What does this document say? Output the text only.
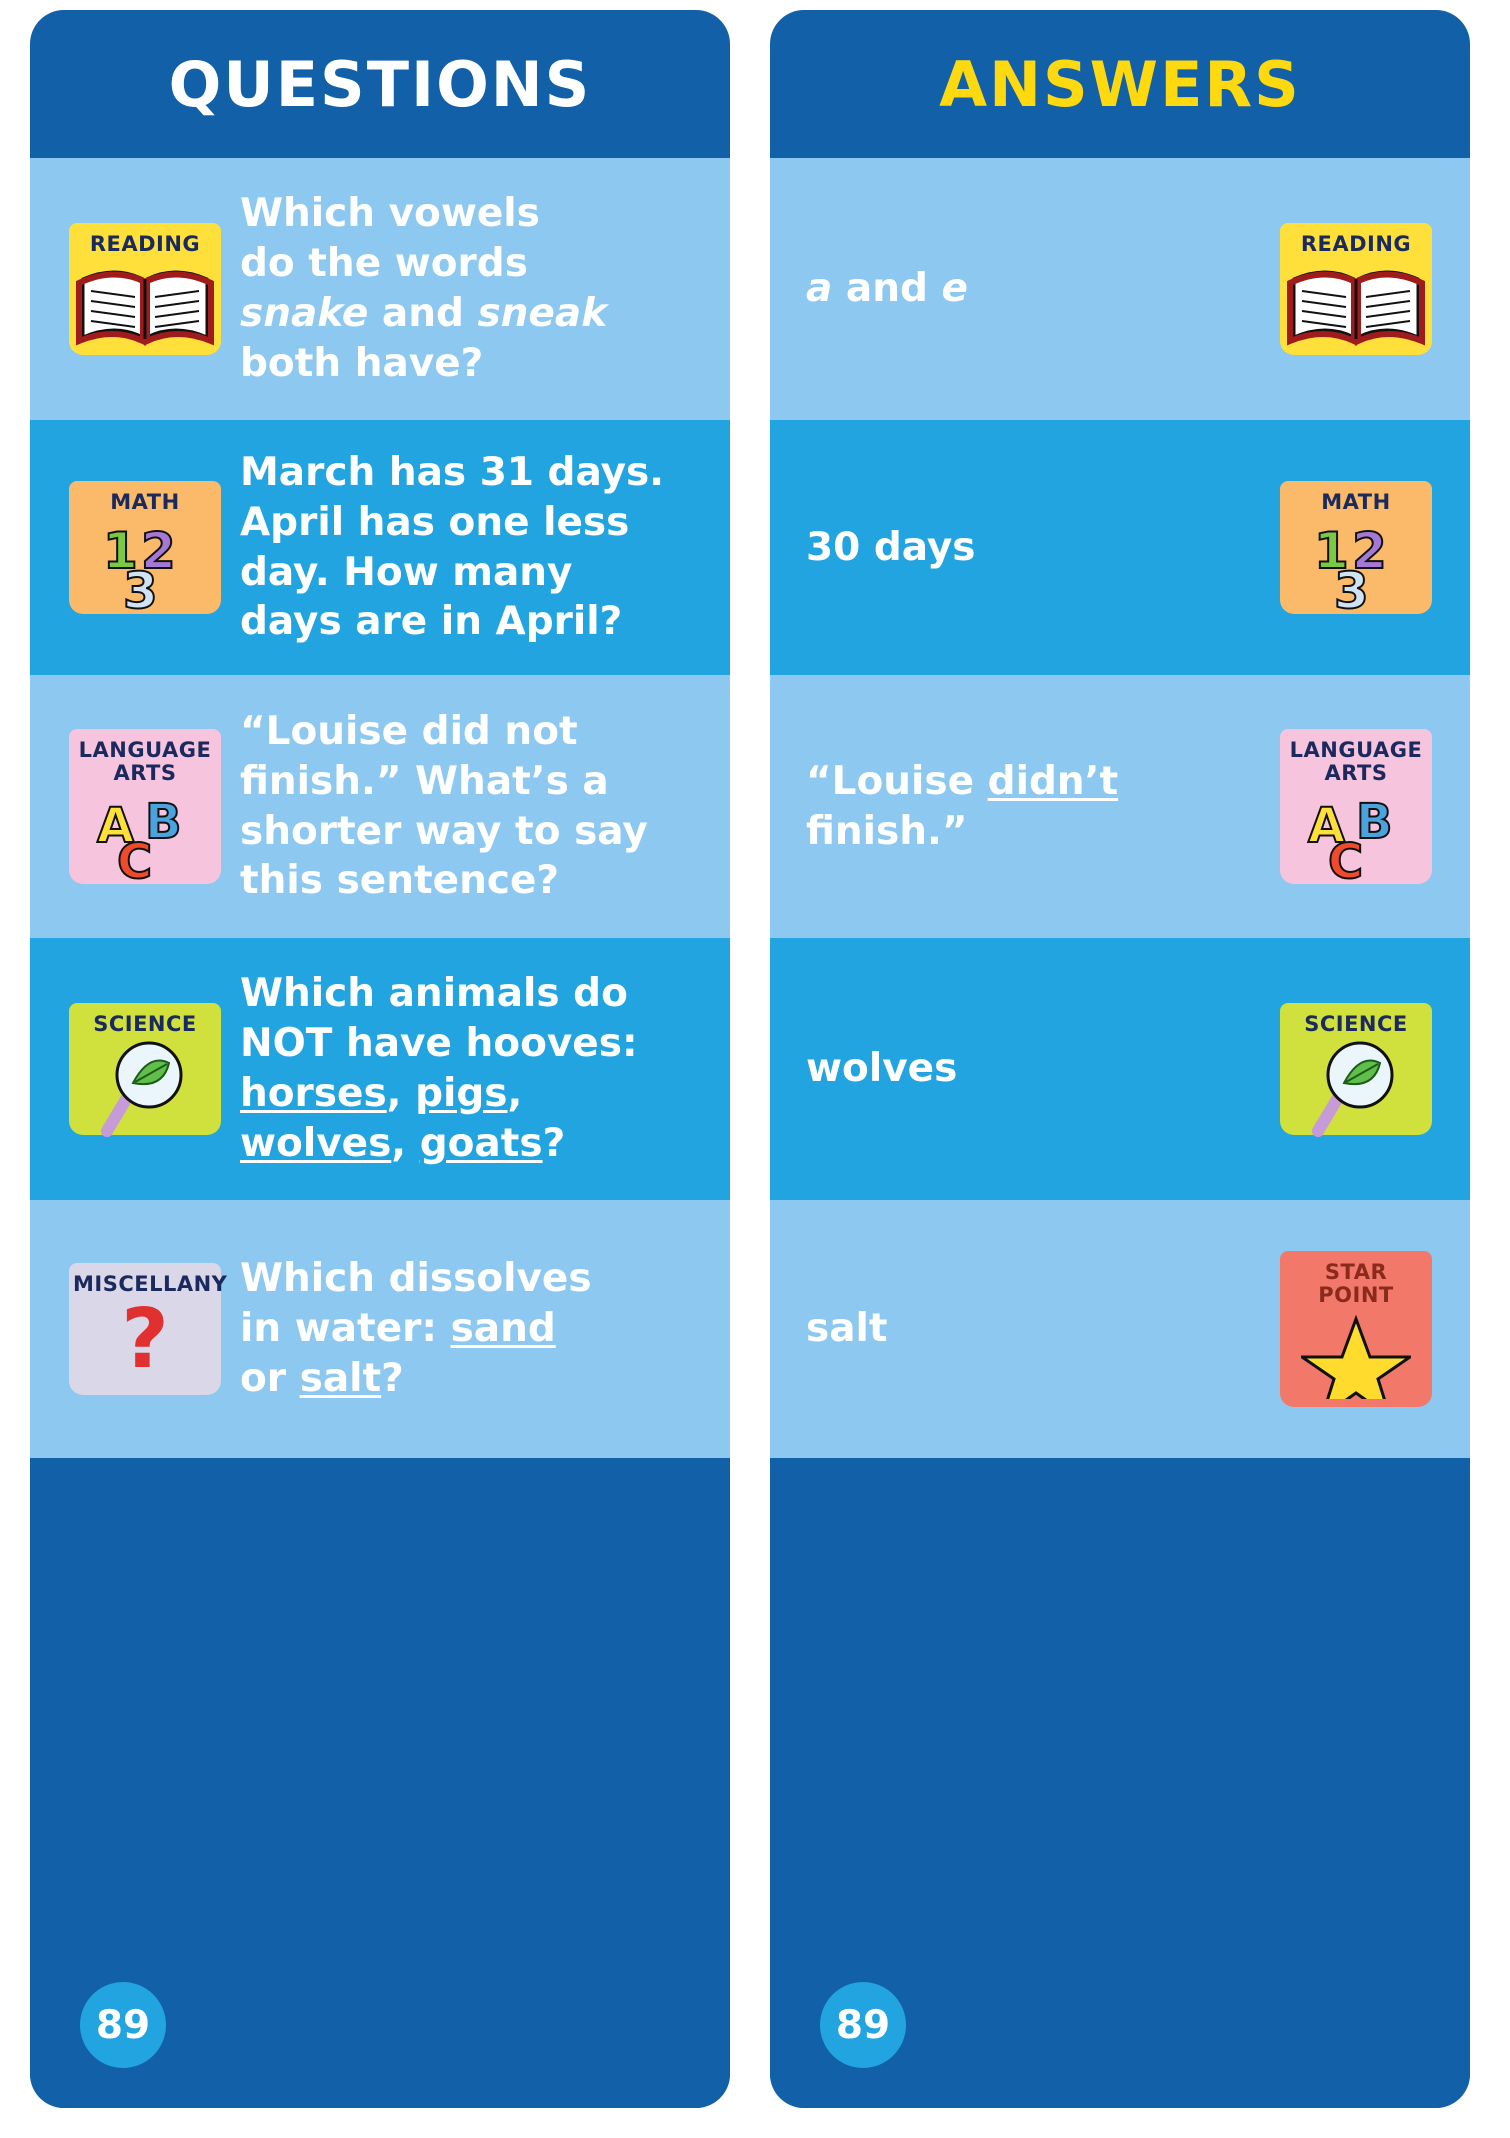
QUESTIONS
READING
Which vowels
do the words
snake and sneak
both have?
MATH
1 2
3
March has 31 days.
April has one less
day. How many
days are in April?
LANGUAGE ARTS
A B
C
“Louise did not
finish.” What’s a
shorter way to say
this sentence?
SCIENCE
Which animals do
NOT have hooves:
horses, pigs,
wolves, goats?
MISCELLANY
?
Which dissolves
in water: sand
or salt?
89
ANSWERS
a and e
READING
30 days
MATH
1 2
3
“Louise didn’t
finish.”
LANGUAGE ARTS
A B
C
wolves
SCIENCE
salt
STAR POINT
89
